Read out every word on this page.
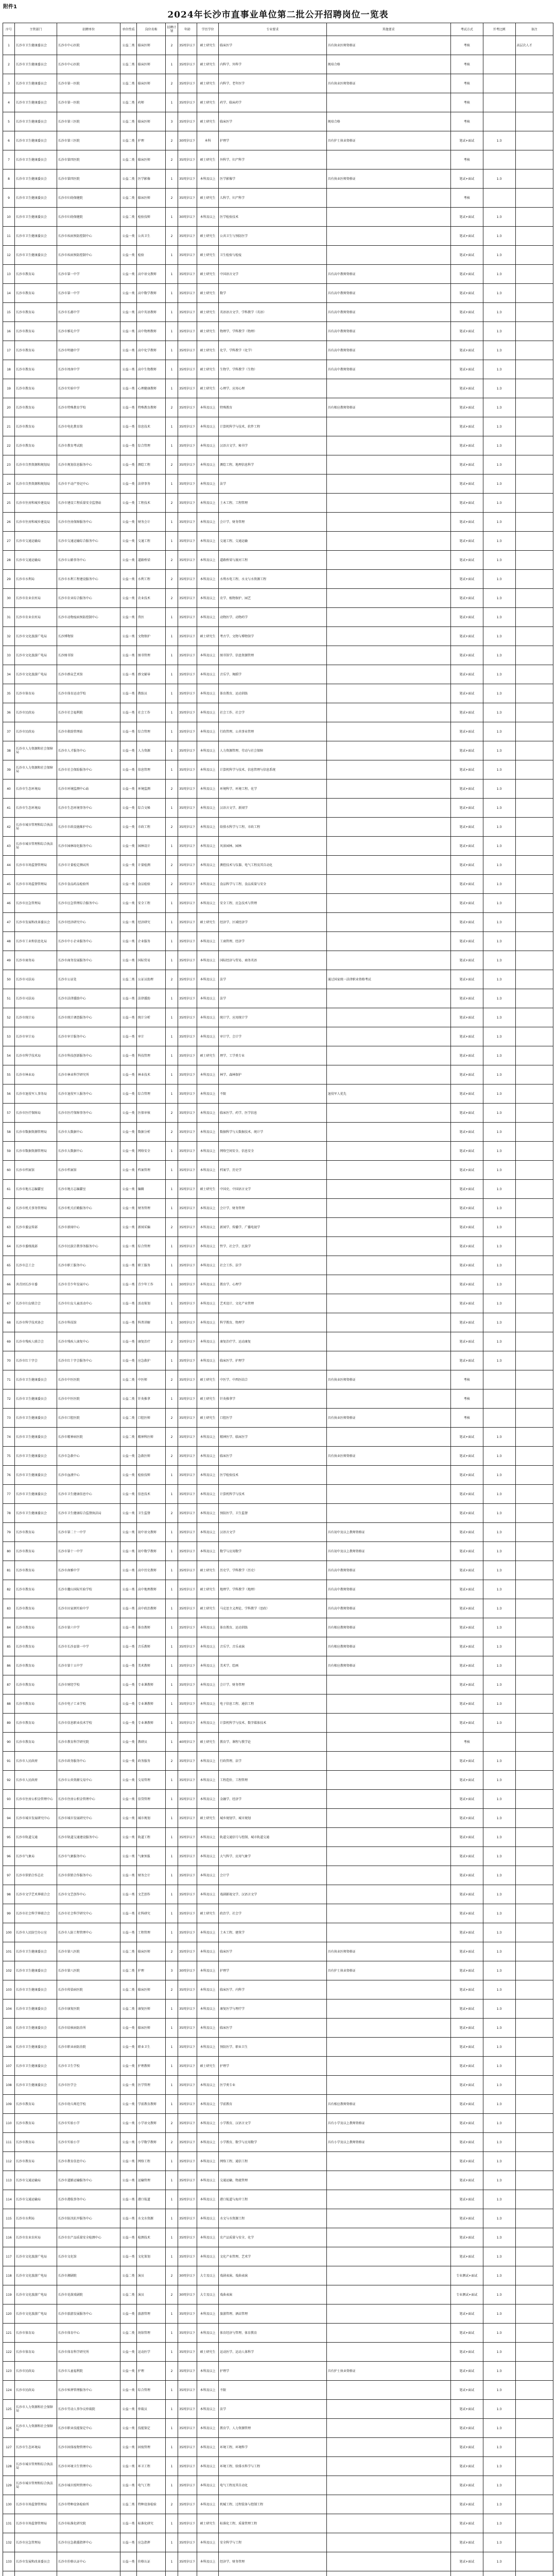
附件1
2024年长沙市直事业单位第二批公开招聘岗位一览表
序号	主管部门	招聘单位	单位性质	岗位名称	招聘计划	年龄	学历学位	专业要求	其他要求	考试方式	开考比例	备注
1	长沙市卫生健康委员会	长沙市中心医院	公益二类	临床医师	2	35周岁以下	硕士研究生	临床医学	具有执业医师资格证	考核		高层次人才
2	长沙市卫生健康委员会	长沙市中心医院	公益二类	临床医师	1	35周岁以下	硕士研究生	内科学、外科学	规培合格	考核		
3	长沙市卫生健康委员会	长沙市第一医院	公益二类	临床医师	2	35周岁以下	硕士研究生	内科学、老年医学	具有执业医师资格证	考核		
4	长沙市卫生健康委员会	长沙市第一医院	公益二类	药师	1	35周岁以下	硕士研究生	药学、临床药学		考核		
5	长沙市卫生健康委员会	长沙市第三医院	公益二类	临床医师	3	35周岁以下	硕士研究生	临床医学	规培合格	考核		
6	长沙市卫生健康委员会	长沙市第三医院	公益二类	护理	2	30周岁以下	本科	护理学	具有护士执业资格证	笔试+面试	1:3	
7	长沙市卫生健康委员会	长沙市第四医院	公益二类	临床医师	2	35周岁以下	硕士研究生	外科学、妇产科学		考核		
8	长沙市卫生健康委员会	长沙市第四医院	公益二类	医学影像	1	35周岁以下	本科及以上	医学影像学	具有执业医师资格证	笔试+面试	1:3	
9	长沙市卫生健康委员会	长沙市妇幼保健院	公益二类	临床医师	2	35周岁以下	硕士研究生	儿科学、妇产科学		考核		
10	长沙市卫生健康委员会	长沙市妇幼保健院	公益二类	检验技师	1	30周岁以下	本科及以上	医学检验技术		笔试+面试	1:3	
11	长沙市卫生健康委员会	长沙市疾病预防控制中心	公益一类	公共卫生	2	35周岁以下	硕士研究生	公共卫生与预防医学		笔试+面试	1:3	
12	长沙市卫生健康委员会	长沙市疾病预防控制中心	公益一类	检验	1	35周岁以下	硕士研究生	卫生检验与检疫		笔试+面试	1:3	
13	长沙市教育局	长沙市第一中学	公益一类	高中语文教师	1	35周岁以下	硕士研究生	中国语言文学	具有高中教师资格证	笔试+面试	1:3	
14	长沙市教育局	长沙市第一中学	公益一类	高中数学教师	1	35周岁以下	硕士研究生	数学	具有高中教师资格证	笔试+面试	1:3	
15	长沙市教育局	长沙市长郡中学	公益一类	高中英语教师	1	35周岁以下	硕士研究生	英语语言文学、学科教学（英语）	具有高中教师资格证	笔试+面试	1:3	
16	长沙市教育局	长沙市雅礼中学	公益一类	高中物理教师	1	35周岁以下	硕士研究生	物理学、学科教学（物理）	具有高中教师资格证	笔试+面试	1:3	
17	长沙市教育局	长沙市明德中学	公益一类	高中化学教师	1	35周岁以下	硕士研究生	化学、学科教学（化学）	具有高中教师资格证	笔试+面试	1:3	
18	长沙市教育局	长沙市周南中学	公益一类	高中生物教师	1	35周岁以下	硕士研究生	生物学、学科教学（生物）	具有高中教师资格证	笔试+面试	1:3	
19	长沙市教育局	长沙市实验中学	公益一类	心理健康教师	1	35周岁以下	硕士研究生	心理学、应用心理		笔试+面试	1:3	
20	长沙市教育局	长沙市特殊教育学校	公益一类	特殊教育教师	2	35周岁以下	本科及以上	特殊教育	具有相应教师资格证	笔试+面试	1:3	
21	长沙市教育局	长沙市电化教育馆	公益一类	信息技术	1	35周岁以下	本科及以上	计算机科学与技术、软件工程		笔试+面试	1:3	
22	长沙市教育局	长沙市教育考试院	公益一类	综合管理	1	35周岁以下	本科及以上	汉语言文学、秘书学		笔试+面试	1:3	
23	长沙市自然资源和规划局	长沙市规划信息服务中心	公益一类	测绘工程	2	35周岁以下	本科及以上	测绘工程、地理信息科学		笔试+面试	1:3	
24	长沙市自然资源和规划局	长沙市不动产登记中心	公益一类	法律事务	1	35周岁以下	本科及以上	法学		笔试+面试	1:3	
25	长沙市住房和城乡建设局	长沙市建设工程质量安全监督站	公益一类	工程技术	2	35周岁以下	本科及以上	土木工程、工程管理		笔试+面试	1:3	
26	长沙市住房和城乡建设局	长沙市住房保障服务中心	公益一类	财务会计	1	35周岁以下	本科及以上	会计学、财务管理		笔试+面试	1:3	
27	长沙市交通运输局	长沙市交通运输综合服务中心	公益一类	交通工程	1	35周岁以下	本科及以上	交通工程、交通运输		笔试+面试	1:3	
28	长沙市交通运输局	长沙市公路事务中心	公益一类	道路桥梁	2	35周岁以下	本科及以上	道路桥梁与渡河工程		笔试+面试	1:3	
29	长沙市水利局	长沙市水利工程建设服务中心	公益一类	水利工程	2	35周岁以下	本科及以上	水利水电工程、水文与水资源工程		笔试+面试	1:3	
30	长沙市农业农村局	长沙市农业综合服务中心	公益一类	农业技术	2	35周岁以下	本科及以上	农学、植物保护、园艺		笔试+面试	1:3	
31	长沙市农业农村局	长沙市动物疫病预防控制中心	公益一类	兽医	1	35周岁以下	本科及以上	动物医学、动物药学		笔试+面试	1:3	
32	长沙市文化旅游广电局	长沙博物馆	公益一类	文物保护	1	35周岁以下	硕士研究生	考古学、文物与博物馆学		笔试+面试	1:3	
33	长沙市文化旅游广电局	长沙图书馆	公益一类	图书管理	1	35周岁以下	本科及以上	图书馆学、信息资源管理		笔试+面试	1:3	
34	长沙市文化旅游广电局	长沙市群众艺术馆	公益一类	群文辅导	1	35周岁以下	本科及以上	音乐学、舞蹈学		笔试+面试	1:3	
35	长沙市体育局	长沙市体育运动学校	公益一类	教练员	1	35周岁以下	本科及以上	体育教育、运动训练		笔试+面试	1:3	
36	长沙市民政局	长沙市社会福利院	公益一类	社会工作	1	35周岁以下	本科及以上	社会工作、社会学		笔试+面试	1:3	
37	长沙市民政局	长沙市救助管理站	公益一类	综合管理	1	35周岁以下	本科及以上	行政管理、公共事业管理		笔试+面试	1:3	
38	长沙市人力资源和社会保障局	长沙市人才服务中心	公益一类	人力资源	1	35周岁以下	本科及以上	人力资源管理、劳动与社会保障		笔试+面试	1:3	
39	长沙市人力资源和社会保障局	长沙市社会保险服务中心	公益一类	信息管理	1	35周岁以下	本科及以上	计算机科学与技术、信息管理与信息系统		笔试+面试	1:3	
40	长沙市生态环境局	长沙市环境监测中心站	公益一类	环境监测	2	35周岁以下	本科及以上	环境科学、环境工程、化学		笔试+面试	1:3	
41	长沙市生态环境局	长沙市生态环境事务中心	公益一类	综合文秘	1	35周岁以下	本科及以上	汉语言文学、新闻学		笔试+面试	1:3	
42	长沙市城市管理和综合执法局	长沙市市政设施维护中心	公益一类	市政工程	2	35周岁以下	本科及以上	给排水科学与工程、市政工程		笔试+面试	1:3	
43	长沙市城市管理和综合执法局	长沙市园林绿化服务中心	公益一类	园林设计	1	35周岁以下	本科及以上	风景园林、园林		笔试+面试	1:3	
44	长沙市市场监督管理局	长沙市计量检定测试所	公益一类	计量检测	2	35周岁以下	本科及以上	测控技术与仪器、电气工程及其自动化		笔试+面试	1:3	
45	长沙市市场监督管理局	长沙市食品药品检验所	公益一类	食品检验	2	35周岁以下	本科及以上	食品科学与工程、食品质量与安全		笔试+面试	1:3	
46	长沙市应急管理局	长沙市应急管理综合服务中心	公益一类	安全工程	1	35周岁以下	本科及以上	安全工程、应急技术与管理		笔试+面试	1:3	
47	长沙市发展和改革委员会	长沙市经济研究中心	公益一类	经济研究	1	35周岁以下	硕士研究生	经济学、区域经济学		笔试+面试	1:3	
48	长沙市工业和信息化局	长沙市中小企业服务中心	公益一类	企业服务	1	35周岁以下	本科及以上	工商管理、经济学		笔试+面试	1:3	
49	长沙市商务局	长沙市商务发展服务中心	公益一类	国际贸易	1	35周岁以下	本科及以上	国际经济与贸易、商务英语		笔试+面试	1:3	
50	长沙市司法局	长沙市公证处	公益二类	公证员助理	2	35周岁以下	本科及以上	法学	通过国家统一法律职业资格考试	笔试+面试	1:3	
51	长沙市司法局	长沙市法律援助中心	公益一类	法律援助	1	35周岁以下	本科及以上	法学		笔试+面试	1:3	
52	长沙市统计局	长沙市统计调查服务中心	公益一类	统计分析	1	35周岁以下	本科及以上	统计学、应用统计学		笔试+面试	1:3	
53	长沙市审计局	长沙市审计服务中心	公益一类	审计	1	35周岁以下	本科及以上	审计学、会计学		笔试+面试	1:3	
54	长沙市科学技术局	长沙市科技创新服务中心	公益一类	科技管理	1	35周岁以下	硕士研究生	理学、工学类专业		笔试+面试	1:3	
55	长沙市林业局	长沙市林业科学研究所	公益一类	林业技术	1	35周岁以下	本科及以上	林学、森林保护		笔试+面试	1:3	
56	长沙市退役军人事务局	长沙市退役军人服务中心	公益一类	综合管理	1	35周岁以下	本科及以上	不限	退役军人优先	笔试+面试	1:3	
57	长沙市医疗保障局	长沙市医疗保障事务中心	公益一类	医保审核	2	35周岁以下	本科及以上	临床医学、药学、医学信息		笔试+面试	1:3	
58	长沙市数据资源管理局	长沙市大数据中心	公益一类	数据分析	2	35周岁以下	本科及以上	数据科学与大数据技术、统计学		笔试+面试	1:3	
59	长沙市数据资源管理局	长沙市大数据中心	公益一类	网络安全	1	35周岁以下	本科及以上	网络空间安全、信息安全		笔试+面试	1:3	
60	长沙市档案馆	长沙市档案馆	公益一类	档案管理	1	35周岁以下	本科及以上	档案学、历史学		笔试+面试	1:3	
61	长沙市地方志编纂室	长沙市地方志编纂室	公益一类	编辑	1	35周岁以下	硕士研究生	中国史、中国语言文学		笔试+面试	1:3	
62	长沙市机关事务管理局	长沙市机关后勤服务中心	公益一类	财务管理	1	35周岁以下	本科及以上	会计学、财务管理		笔试+面试	1:3	
63	长沙市委宣传部	长沙市新闻中心	公益一类	新闻采编	2	35周岁以下	本科及以上	新闻学、传播学、广播电视学		笔试+面试	1:3	
64	长沙市委统战部	长沙市民族宗教事务服务中心	公益一类	综合管理	1	35周岁以下	本科及以上	哲学、社会学、民族学		笔试+面试	1:3	
65	长沙市总工会	长沙市职工服务中心	公益一类	职工服务	1	35周岁以下	本科及以上	社会工作、法学		笔试+面试	1:3	
66	共青团长沙市委	长沙市青少年发展中心	公益一类	青少年工作	1	30周岁以下	本科及以上	教育学、心理学		笔试+面试	1:3	
67	长沙市妇女联合会	长沙市妇女儿童活动中心	公益一类	活动策划	1	35周岁以下	本科及以上	艺术设计、文化产业管理		笔试+面试	1:3	
68	长沙市科学技术协会	长沙市科技馆	公益一类	科普讲解	1	30周岁以下	本科及以上	科学教育、物理学		笔试+面试	1:3	
69	长沙市残疾人联合会	长沙市残疾人康复中心	公益一类	康复治疗	2	35周岁以下	本科及以上	康复治疗学、运动康复		笔试+面试	1:3	
70	长沙市红十字会	长沙市红十字会服务中心	公益一类	应急救护	1	35周岁以下	本科及以上	临床医学、护理学		笔试+面试	1:3	
71	长沙市卫生健康委员会	长沙市中医医院	公益二类	中医师	2	35周岁以下	硕士研究生	中医学、中西医结合	具有执业医师资格证	考核		
72	长沙市卫生健康委员会	长沙市中医医院	公益二类	针灸推拿	1	35周岁以下	硕士研究生	针灸推拿学		考核		
73	长沙市卫生健康委员会	长沙市口腔医院	公益二类	口腔医师	2	35周岁以下	硕士研究生	口腔医学	具有执业医师资格证	考核		
74	长沙市卫生健康委员会	长沙市精神病医院	公益二类	精神科医师	2	35周岁以下	本科及以上	精神医学、临床医学		笔试+面试	1:3	
75	长沙市卫生健康委员会	长沙市急救中心	公益一类	急救医师	2	35周岁以下	本科及以上	临床医学	具有执业医师资格证	笔试+面试	1:3	
76	长沙市卫生健康委员会	长沙市血液中心	公益一类	检验技师	1	35周岁以下	本科及以上	医学检验技术		笔试+面试	1:3	
77	长沙市卫生健康委员会	长沙市卫生健康信息中心	公益一类	信息技术	1	35周岁以下	本科及以上	计算机科学与技术		笔试+面试	1:3	
78	长沙市卫生健康委员会	长沙市卫生健康综合监督执法局	公益一类	卫生监督	2	35周岁以下	本科及以上	预防医学、卫生监督		笔试+面试	1:3	
79	长沙市教育局	长沙市第二十一中学	公益一类	初中语文教师	1	35周岁以下	本科及以上	汉语言文学	具有初中及以上教师资格证	笔试+面试	1:3	
80	长沙市教育局	长沙市第十一中学	公益一类	初中数学教师	1	35周岁以下	本科及以上	数学与应用数学	具有初中及以上教师资格证	笔试+面试	1:3	
81	长沙市教育局	长沙市南雅中学	公益一类	高中历史教师	1	35周岁以下	硕士研究生	历史学、学科教学（历史）	具有高中教师资格证	笔试+面试	1:3	
82	长沙市教育局	长沙市麓山国际实验学校	公益一类	高中地理教师	1	35周岁以下	硕士研究生	地理学、学科教学（地理）	具有高中教师资格证	笔试+面试	1:3	
83	长沙市教育局	长沙市田家炳实验中学	公益一类	高中政治教师	1	35周岁以下	硕士研究生	马克思主义理论、学科教学（思政）	具有高中教师资格证	笔试+面试	1:3	
84	长沙市教育局	长沙市第六中学	公益一类	体育教师	1	35周岁以下	本科及以上	体育教育、运动训练	具有相应教师资格证	笔试+面试	1:3	
85	长沙市教育局	长沙市长沙县第一中学	公益一类	音乐教师	1	35周岁以下	本科及以上	音乐学、音乐表演	具有相应教师资格证	笔试+面试	1:3	
86	长沙市教育局	长沙市第十五中学	公益一类	美术教师	1	35周岁以下	本科及以上	美术学、绘画	具有相应教师资格证	笔试+面试	1:3	
87	长沙市教育局	长沙市财经学校	公益一类	专业课教师	1	35周岁以下	本科及以上	会计学、财务管理		笔试+面试	1:3	
88	长沙市教育局	长沙市电子工业学校	公益一类	专业课教师	1	35周岁以下	本科及以上	电子信息工程、通信工程		笔试+面试	1:3	
89	长沙市教育局	长沙市信息职业技术学校	公益一类	专业课教师	1	35周岁以下	本科及以上	计算机科学与技术、数字媒体技术		笔试+面试	1:3	
90	长沙市教育局	长沙市教育科学研究院	公益一类	教研员	1	40周岁以下	硕士研究生	教育学、课程与教学论		考核		
91	长沙市人民政府	长沙市政务服务中心	公益一类	政务服务	2	35周岁以下	本科及以上	行政管理、法学		笔试+面试	1:3	
92	长沙市人民政府	长沙市公共资源交易中心	公益一类	交易管理	1	35周岁以下	本科及以上	工程造价、工程管理		笔试+面试	1:3	
93	长沙市住房公积金管理中心	长沙市住房公积金管理中心	公益一类	信贷管理	1	35周岁以下	本科及以上	金融学、经济学		笔试+面试	1:3	
94	长沙市城市发展研究中心	长沙市城市发展研究中心	公益一类	城市规划	1	35周岁以下	硕士研究生	城乡规划学、城市规划		笔试+面试	1:3	
95	长沙市轨道交通	长沙市轨道交通建设服务中心	公益一类	轨道工程	1	35周岁以下	本科及以上	轨道交通信号与控制、城市轨道交通		笔试+面试	1:3	
96	长沙市气象局	长沙市气象服务中心	公益一类	气象预报	1	35周岁以下	本科及以上	大气科学、应用气象学		笔试+面试	1:3	
97	长沙市供销合作总社	长沙市供销合作服务中心	公益一类	财务会计	1	35周岁以下	本科及以上	会计学		笔试+面试	1:3	
98	长沙市文学艺术界联合会	长沙市文艺创作中心	公益一类	文艺创作	1	35周岁以下	本科及以上	戏剧影视文学、汉语言文学		笔试+面试	1:3	
99	长沙市社会科学界联合会	长沙市社会科学研究中心	公益一类	社科研究	1	35周岁以下	硕士研究生	政治学、社会学		笔试+面试	1:3	
100	长沙市人民防空办公室	长沙市人防工程管理中心	公益一类	工程管理	1	35周岁以下	本科及以上	土木工程、建筑学		笔试+面试	1:3	
101	长沙市卫生健康委员会	长沙市第八医院	公益二类	临床医师	2	35周岁以下	本科及以上	临床医学	具有执业医师资格证	笔试+面试	1:3	
102	长沙市卫生健康委员会	长沙市第八医院	公益二类	护理	3	30周岁以下	本科及以上	护理学	具有护士执业资格证	笔试+面试	1:3	
103	长沙市卫生健康委员会	长沙市传染病医院	公益二类	临床医师	2	35周岁以下	本科及以上	临床医学、内科学		笔试+面试	1:3	
104	长沙市卫生健康委员会	长沙市康复医院	公益二类	康复医师	1	35周岁以下	本科及以上	康复医学与理疗学		笔试+面试	1:3	
105	长沙市卫生健康委员会	长沙市结核病防治所	公益一类	临床医师	1	35周岁以下	本科及以上	临床医学		笔试+面试	1:3	
106	长沙市卫生健康委员会	长沙市职业病防治院	公益一类	职业卫生	1	35周岁以下	本科及以上	预防医学、职业卫生		笔试+面试	1:3	
107	长沙市卫生健康委员会	长沙市卫生学校	公益一类	护理教师	1	35周岁以下	硕士研究生	护理学		笔试+面试	1:3	
108	长沙市卫生健康委员会	长沙市医学会	公益一类	医学管理	1	35周岁以下	本科及以上	医学类专业		笔试+面试	1:3	
109	长沙市教育局	长沙市幼儿师范学校	公益一类	学前教育教师	1	35周岁以下	本科及以上	学前教育	具有相应教师资格证	笔试+面试	1:3	
110	长沙市教育局	长沙市实验小学	公益一类	小学语文教师	2	35周岁以下	本科及以上	小学教育、汉语言文学	具有小学及以上教师资格证	笔试+面试	1:3	
111	长沙市教育局	长沙市实验小学	公益一类	小学数学教师	2	35周岁以下	本科及以上	小学教育、数学与应用数学	具有小学及以上教师资格证	笔试+面试	1:3	
112	长沙市教育局	长沙市教育信息中心	公益一类	网络工程	1	35周岁以下	本科及以上	网络工程、通信工程		笔试+面试	1:3	
113	长沙市交通运输局	长沙市道路运输服务中心	公益一类	运输管理	1	35周岁以下	本科及以上	交通运输、物流管理		笔试+面试	1:3	
114	长沙市交通运输局	长沙市港航事务中心	公益一类	港口航道	1	35周岁以下	本科及以上	港口航道与海岸工程		笔试+面试	1:3	
115	长沙市水利局	长沙市防汛抗旱服务中心	公益一类	水文水资源	1	35周岁以下	本科及以上	水文与水资源工程		笔试+面试	1:3	
116	长沙市农业农村局	长沙市农产品质量安全检测中心	公益一类	检测技术	1	35周岁以下	本科及以上	农产品质量与安全、化学		笔试+面试	1:3	
117	长沙市文化旅游广电局	长沙市文化馆	公益一类	文化策划	1	35周岁以下	本科及以上	文化产业管理、艺术学		笔试+面试	1:3	
118	长沙市文化旅游广电局	长沙市湘剧院	公益二类	演员	2	30周岁以下	大专及以上	戏剧表演、戏曲表演		专业测试+面试	1:3	
119	长沙市文化旅游广电局	长沙市花鼓戏剧院	公益二类	演员	2	30周岁以下	大专及以上	戏曲表演		专业测试+面试	1:3	
120	长沙市文化旅游广电局	长沙市旅游发展服务中心	公益一类	旅游管理	1	35周岁以下	本科及以上	旅游管理、酒店管理		笔试+面试	1:3	
121	长沙市体育局	长沙市体育中心	公益二类	场馆管理	1	35周岁以下	本科及以上	体育经济与管理、体育教育		笔试+面试	1:3	
122	长沙市体育局	长沙市体育科学研究所	公益一类	运动医学	1	35周岁以下	硕士研究生	运动医学、运动人体科学		笔试+面试	1:3	
123	长沙市民政局	长沙市儿童福利院	公益一类	护理	2	35周岁以下	本科及以上	护理学	具有护士执业资格证	笔试+面试	1:3	
124	长沙市民政局	长沙市殡葬管理服务中心	公益一类	综合管理	1	35周岁以下	本科及以上	不限		笔试+面试	1:3	
125	长沙市人力资源和社会保障局	长沙市劳动人事争议仲裁院	公益一类	仲裁员	1	35周岁以下	本科及以上	法学		笔试+面试	1:3	
126	长沙市人力资源和社会保障局	长沙市职业技能鉴定中心	公益一类	技能鉴定	1	35周岁以下	本科及以上	教育学、人力资源管理		笔试+面试	1:3	
127	长沙市生态环境局	长沙市固体废物管理中心	公益一类	固废管理	1	35周岁以下	本科及以上	环境工程、环境科学		笔试+面试	1:3	
128	长沙市城市管理和综合执法局	长沙市环境卫生管理中心	公益一类	环卫工程	1	35周岁以下	本科及以上	环境工程、给排水科学与工程		笔试+面试	1:3	
129	长沙市城市管理和综合执法局	长沙市城市照明管理中心	公益一类	电气工程	1	35周岁以下	本科及以上	电气工程及其自动化		笔试+面试	1:3	
130	长沙市市场监督管理局	长沙市特种设备检验所	公益二类	特种设备检验	2	35周岁以下	本科及以上	机械工程、过程装备与控制工程		笔试+面试	1:3	
131	长沙市市场监督管理局	长沙市标准化研究院	公益一类	标准化研究	1	35周岁以下	硕士研究生	标准化工程、质量管理工程		笔试+面试	1:3	
132	长沙市应急管理局	长沙市应急救援指挥中心	公益一类	应急指挥	1	35周岁以下	本科及以上	安全科学与工程		笔试+面试	1:3	
133	长沙市发展和改革委员会	长沙市价格认证中心	公益一类	价格认证	1	35周岁以下	本科及以上	经济学、财务管理		笔试+面试	1:3	
